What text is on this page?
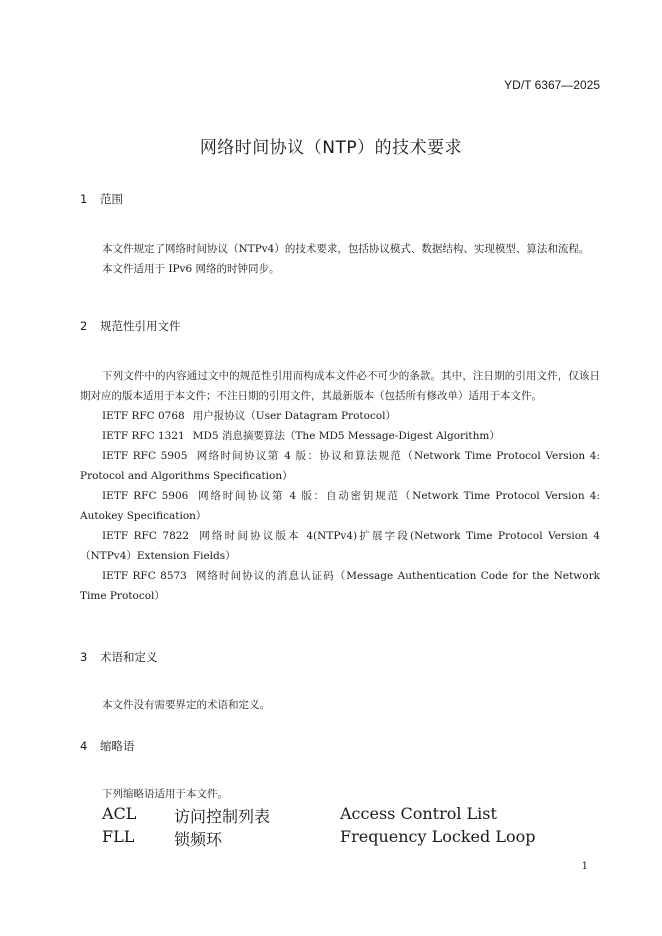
YD/T 6367—2025
网络时间协议（NTP）的技术要求

1 范围

本文件规定了网络时间协议（NTPv4）的技术要求，包括协议模式、数据结构、实现模型、算法和流程。

本文件适用于 IPv6 网络的时钟同步。

2 规范性引用文件

下列文件中的内容通过文中的规范性引用而构成本文件必不可少的条款。其中，注日期的引用文件，仅该日期对应的版本适用于本文件；不注日期的引用文件，其最新版本（包括所有修改单）适用于本文件。

IETF RFC 0768 用户报协议（User Datagram Protocol）

IETF RFC 1321 MD5 消息摘要算法（The MD5 Message-Digest Algorithm）

IETF RFC 5905 网络时间协议第 4 版：协议和算法规范（Network Time Protocol Version 4: Protocol and Algorithms Specification）

IETF RFC 5906 网络时间协议第 4 版：自动密钥规范（Network Time Protocol Version 4: Autokey Specification）

IETF RFC 7822 网络时间协议版本 4(NTPv4)扩展字段(Network Time Protocol Version 4（NTPv4）Extension Fields）

IETF RFC 8573 网络时间协议的消息认证码（Message Authentication Code for the Network Time Protocol）

3 术语和定义

本文件没有需要界定的术语和定义。

4 缩略语

下列缩略语适用于本文件。

ACL	访问控制列表	Access Control List
FLL	锁频环	Frequency Locked Loop
1
